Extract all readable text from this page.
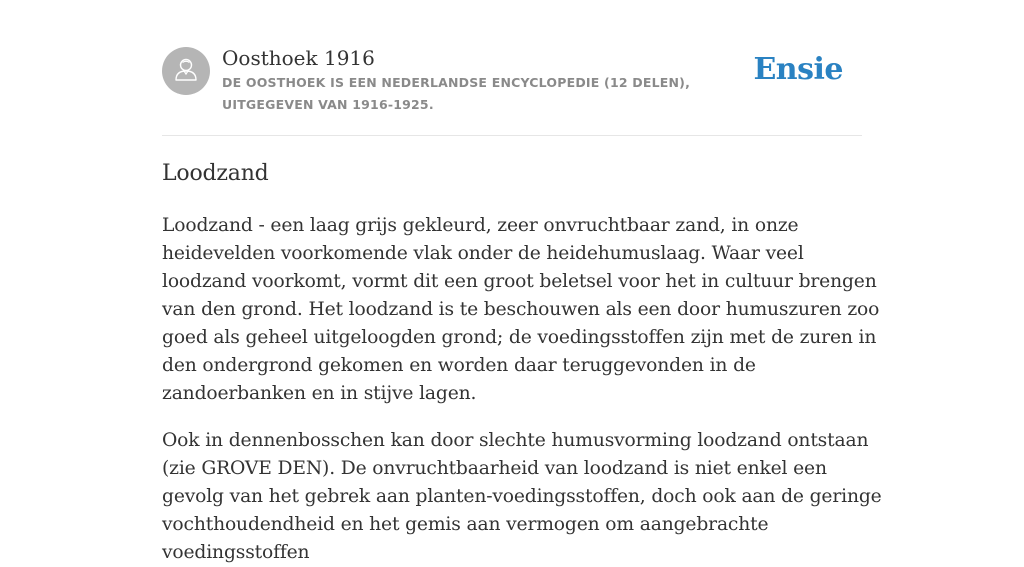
Oosthoek 1916
DE OOSTHOEK IS EEN NEDERLANDSE ENCYCLOPEDIE (12 DELEN), UITGEGEVEN VAN 1916-1925.
Ensie
Loodzand

Loodzand - een laag grijs gekleurd, zeer onvruchtbaar zand, in onze heidevelden voorkomende vlak onder de heidehumuslaag. Waar veel loodzand voorkomt, vormt dit een groot beletsel voor het in cultuur brengen van den grond. Het loodzand is te beschouwen als een door humuszuren zoo goed als geheel uitgeloogden grond; de voedingsstoffen zijn met de zuren in den ondergrond gekomen en worden daar teruggevonden in de zandoerbanken en in stijve lagen.

Ook in dennenbosschen kan door slechte humusvorming loodzand ontstaan (zie GROVE DEN). De onvruchtbaarheid van loodzand is niet enkel een gevolg van het gebrek aan planten-voedingsstoffen, doch ook aan de geringe vochthoudendheid en het gemis aan vermogen om aangebrachte voedingsstoffen
